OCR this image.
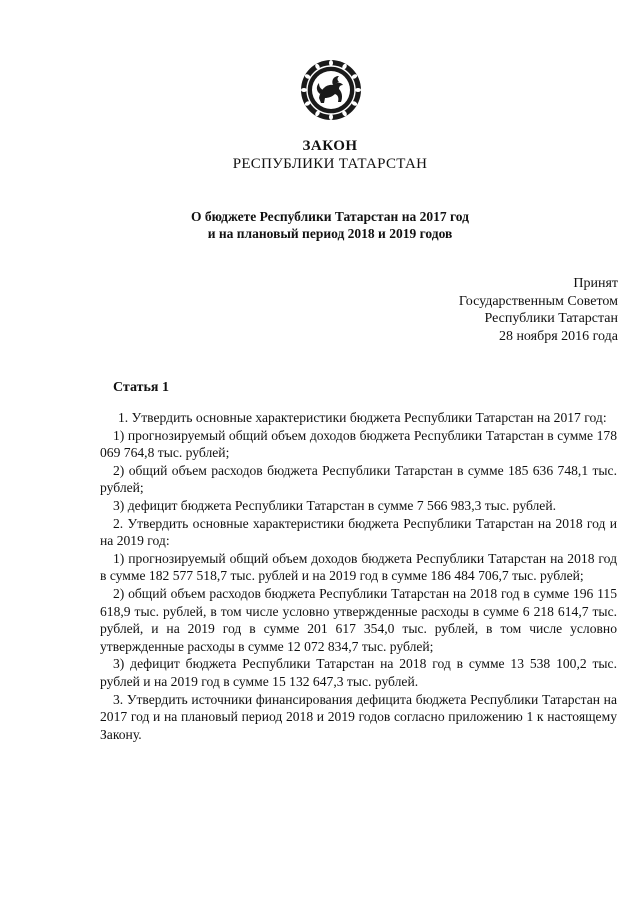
ЗАКОН
РЕСПУБЛИКИ ТАТАРСТАН
О бюджете Республики Татарстан на 2017 год
и на плановый период 2018 и 2019 годов
Принят
Государственным Советом
Республики Татарстан
28 ноября 2016 года
Статья 1

1. Утвердить основные характеристики бюджета Республики Татарстан на 2017 год:

1) прогнозируемый общий объем доходов бюджета Республики Татарстан в сумме 178 069 764,8 тыс. рублей;

2) общий объем расходов бюджета Республики Татарстан в сумме 185 636 748,1 тыс. рублей;

3) дефицит бюджета Республики Татарстан в сумме 7 566 983,3 тыс. рублей.

2. Утвердить основные характеристики бюджета Республики Татарстан на 2018 год и на 2019 год:

1) прогнозируемый общий объем доходов бюджета Республики Татарстан на 2018 год в сумме 182 577 518,7 тыс. рублей и на 2019 год в сумме 186 484 706,7 тыс. рублей;

2) общий объем расходов бюджета Республики Татарстан на 2018 год в сумме 196 115 618,9 тыс. рублей, в том числе условно утвержденные расходы в сумме 6 218 614,7 тыс. рублей, и на 2019 год в сумме 201 617 354,0 тыс. рублей, в том числе условно утвержденные расходы в сумме 12 072 834,7 тыс. рублей;

3) дефицит бюджета Республики Татарстан на 2018 год в сумме 13 538 100,2 тыс. рублей и на 2019 год в сумме 15 132 647,3 тыс. рублей.

3. Утвердить источники финансирования дефицита бюджета Республики Татарстан на 2017 год и на плановый период 2018 и 2019 годов согласно приложению 1 к настоящему Закону.
